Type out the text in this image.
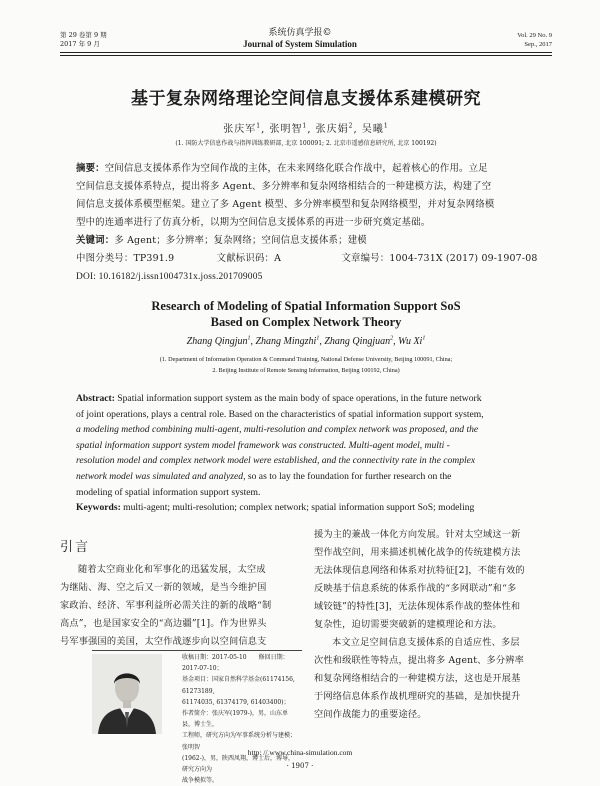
第 29 卷第 9 期
2017 年 9 月
系统仿真学报©
Journal of System Simulation
Vol. 29 No. 9
Sep., 2017
基于复杂网络理论空间信息支援体系建模研究
张庆军$^1$, 张明智$^1$, 张庆娟$^2$, 吴曦$^1$
(1. 国防大学信息作战与指挥训练教研部, 北京 100091; 2. 北京市遥感信息研究所, 北京 100192)
摘要：空间信息支援体系作为空间作战的主体，在未来网络化联合作战中，起着核心的作用。立足
空间信息支援体系特点，提出将多 Agent、多分辨率和复杂网络相结合的一种建模方法，构建了空
间信息支援体系模型框架。建立了多 Agent 模型、多分辨率模型和复杂网络模型，并对复杂网络模
型中的连通率进行了仿真分析，以期为空间信息支援体系的再进一步研究奠定基础。
关键词：多 Agent；多分辨率；复杂网络；空间信息支援体系；建模
中图分类号：TP391.9	文献标识码：A	文章编号：1004-731X (2017) 09-1907-08
DOI: 10.16182/j.issn1004731x.joss.201709005
Research of Modeling of Spatial Information Support SoS
Based on Complex Network Theory
Zhang Qingjun$^1$, Zhang Mingzhi$^1$, Zhang Qingjuan$^2$, Wu Xi$^1$
(1. Department of Information Operation & Command Training, National Defense University, Beijing 100091, China;
2. Beijing Institute of Remote Sensing Information, Beijing 100192, China)
Abstract: Spatial information support system as the main body of space operations, in the future network
of joint operations, plays a central role. Based on the characteristics of spatial information support system,
a modeling method combining multi-agent, multi-resolution and complex network was proposed, and the
spatial information support system model framework was constructed. Multi-agent model, multi -
resolution model and complex network model were established, and the connectivity rate in the complex
network model was simulated and analyzed, so as to lay the foundation for further research on the
modeling of spatial information support system.
Keywords: multi-agent; multi-resolution; complex network; spatial information support SoS; modeling
引言
随着太空商业化和军事化的迅猛发展，太空成
为继陆、海、空之后又一新的领域，是当今维护国
家政治、经济、军事利益所必需关注的新的战略“制
高点”，也是国家安全的“高边疆”[1]。作为世界头
号军事强国的美国，太空作战逐步向以空间信息支
援为主的兼战一体化方向发展。针对太空域这一新
型作战空间，用来描述机械化战争的传统建模方法
无法体现信息网络和体系对抗特征[2]，不能有效的
反映基于信息系统的体系作战的“多网联动”和“多
域铰链”的特性[3]，无法体现体系作战的整体性和
复杂性，迫切需要突破新的建模理论和方法。
本文立足空间信息支援体系的自适应性、多层
次性和级联性等特点，提出将多 Agent、多分辨率
和复杂网络相结合的一种建模方法，这也是开展基
于网络信息体系作战机理研究的基础，是加快提升
空间作战能力的重要途径。
收稿日期：2017-05-10　　修回日期：2017-07-10；
基金项目：国家自然科学基金(61174156, 61273189,
61174035, 61374179, 61403400)；
作者简介：张庆军(1979-)，男，山东单县，博士生，
工程师，研究方向为军事系统分析与建模；张明智
(1962-)，男，陕西凤翔，博士后，博导，研究方向为
战争模拟等。
http: // www.china-simulation.com
· 1907 ·
